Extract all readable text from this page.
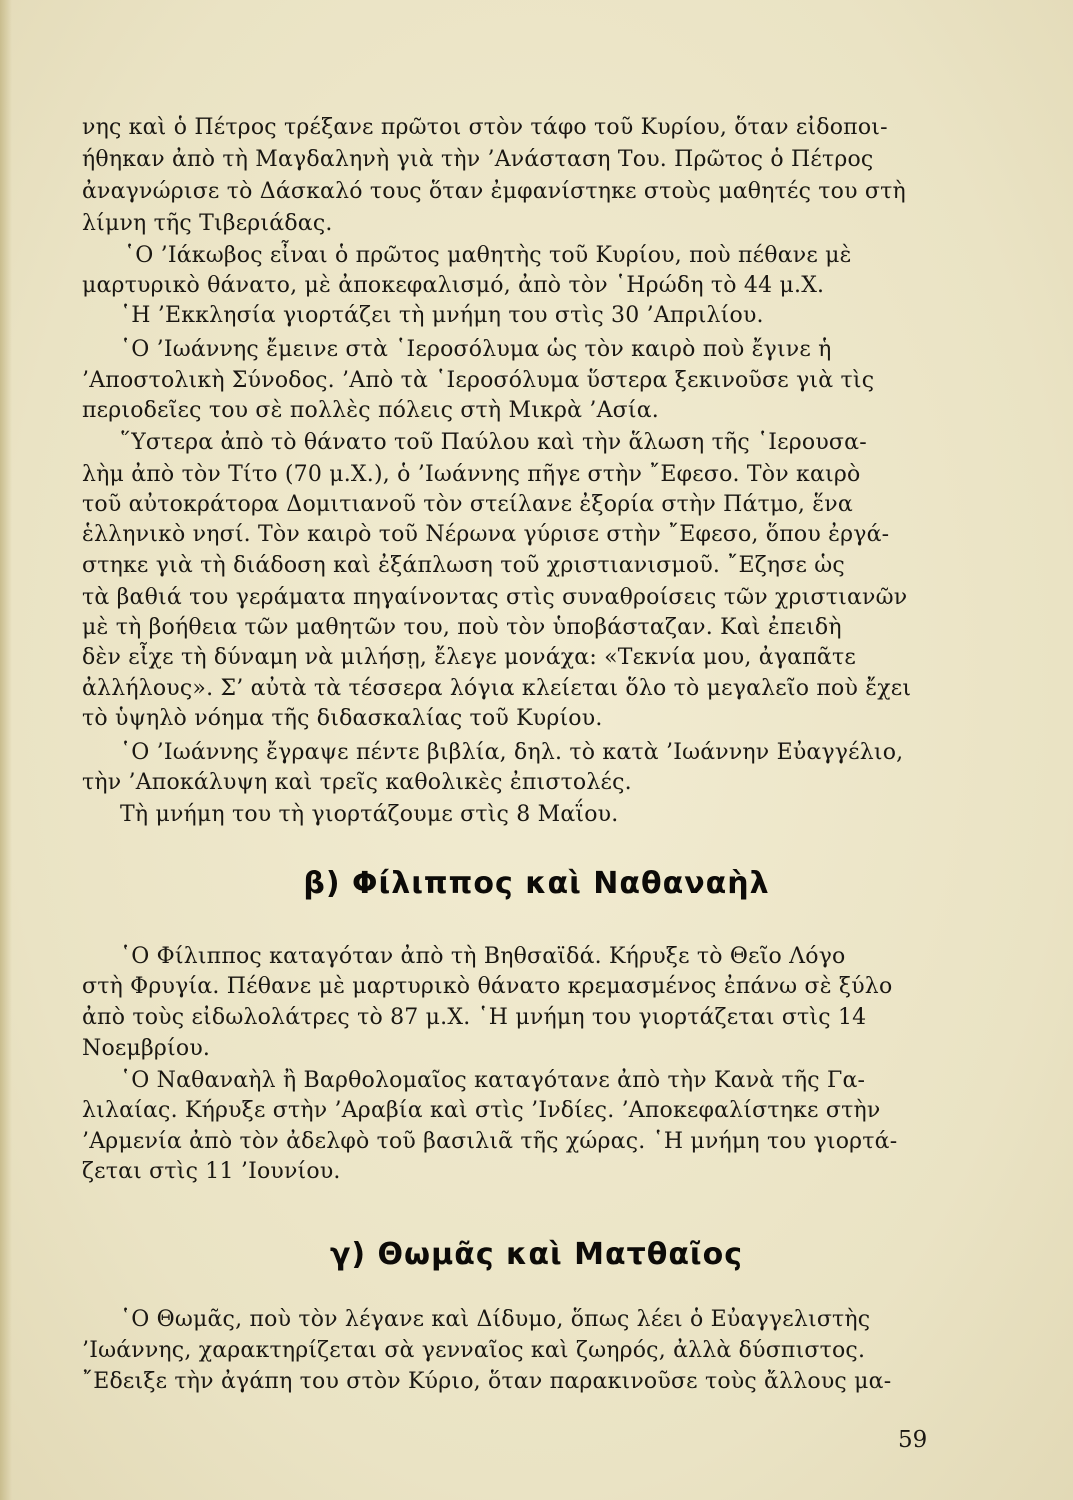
νης καὶ ὁ Πέτρος τρέξανε πρῶτοι στὸν τάφο τοῦ Κυρίου, ὅταν εἰδοποι-
ήθηκαν ἀπὸ τὴ Μαγδαληνὴ γιὰ τὴν ’Ανάσταση Του. Πρῶτος ὁ Πέτρος
ἀναγνώρισε τὸ Δάσκαλό τους ὅταν ἐμφανίστηκε στοὺς μαθητές του στὴ
λίμνη τῆς Τιβεριάδας.
῾Ο ’Ιάκωβος εἶναι ὁ πρῶτος μαθητὴς τοῦ Κυρίου, ποὺ πέθανε μὲ
μαρτυρικὸ θάνατο, μὲ ἀποκεφαλισμό, ἀπὸ τὸν ῾Ηρώδη τὸ 44 μ.Χ.
῾Η ’Εκκλησία γιορτάζει τὴ μνήμη του στὶς 30 ’Απριλίου.
῾Ο ’Ιωάννης ἔμεινε στὰ ῾Ιεροσόλυμα ὡς τὸν καιρὸ ποὺ ἔγινε ἡ
’Αποστολικὴ Σύνοδος. ’Απὸ τὰ ῾Ιεροσόλυμα ὕστερα ξεκινοῦσε γιὰ τὶς
περιοδεῖες του σὲ πολλὲς πόλεις στὴ Μικρὰ ’Ασία.
῞Υστερα ἀπὸ τὸ θάνατο τοῦ Παύλου καὶ τὴν ἅλωση τῆς ῾Ιερουσα-
λὴμ ἀπὸ τὸν Τίτο (70 μ.Χ.), ὁ ’Ιωάννης πῆγε στὴν ῎Εφεσο. Τὸν καιρὸ
τοῦ αὐτοκράτορα Δομιτιανοῦ τὸν στείλανε ἐξορία στὴν Πάτμο, ἕνα
ἑλληνικὸ νησί. Τὸν καιρὸ τοῦ Νέρωνα γύρισε στὴν ῎Εφεσο, ὅπου ἐργά-
στηκε γιὰ τὴ διάδοση καὶ ἐξάπλωση τοῦ χριστιανισμοῦ. ῎Εζησε ὡς
τὰ βαθιά του γεράματα πηγαίνοντας στὶς συναθροίσεις τῶν χριστιανῶν
μὲ τὴ βοήθεια τῶν μαθητῶν του, ποὺ τὸν ὑποβάσταζαν. Καὶ ἐπειδὴ
δὲν εἶχε τὴ δύναμη νὰ μιλήσῃ, ἔλεγε μονάχα: «Τεκνία μου, ἀγαπᾶτε
ἀλλήλους». Σ’ αὐτὰ τὰ τέσσερα λόγια κλείεται ὅλο τὸ μεγαλεῖο ποὺ ἔχει
τὸ ὑψηλὸ νόημα τῆς διδασκαλίας τοῦ Κυρίου.
῾Ο ’Ιωάννης ἔγραψε πέντε βιβλία, δηλ. τὸ κατὰ ’Ιωάννην Εὐαγγέλιο,
τὴν ’Αποκάλυψη καὶ τρεῖς καθολικὲς ἐπιστολές.
Τὴ μνήμη του τὴ γιορτάζουμε στὶς 8 Μαΐου.
β) Φίλιππος καὶ Ναθαναὴλ
῾Ο Φίλιππος καταγόταν ἀπὸ τὴ Βηθσαϊδά. Κήρυξε τὸ Θεῖο Λόγο
στὴ Φρυγία. Πέθανε μὲ μαρτυρικὸ θάνατο κρεμασμένος ἐπάνω σὲ ξύλο
ἀπὸ τοὺς εἰδωλολάτρες τὸ 87 μ.Χ. ῾Η μνήμη του γιορτάζεται στὶς 14
Νοεμβρίου.
῾Ο Ναθαναὴλ ἢ Βαρθολομαῖος καταγότανε ἀπὸ τὴν Κανὰ τῆς Γα-
λιλαίας. Κήρυξε στὴν ’Αραβία καὶ στὶς ’Ινδίες. ’Αποκεφαλίστηκε στὴν
’Αρμενία ἀπὸ τὸν ἀδελφὸ τοῦ βασιλιᾶ τῆς χώρας. ῾Η μνήμη του γιορτά-
ζεται στὶς 11 ’Ιουνίου.
γ) Θωμᾶς καὶ Ματθαῖος
῾Ο Θωμᾶς, ποὺ τὸν λέγανε καὶ Δίδυμο, ὅπως λέει ὁ Εὐαγγελιστὴς
’Ιωάννης, χαρακτηρίζεται σὰ γενναῖος καὶ ζωηρός, ἀλλὰ δύσπιστος.
῎Εδειξε τὴν ἀγάπη του στὸν Κύριο, ὅταν παρακινοῦσε τοὺς ἄλλους μα-
59
